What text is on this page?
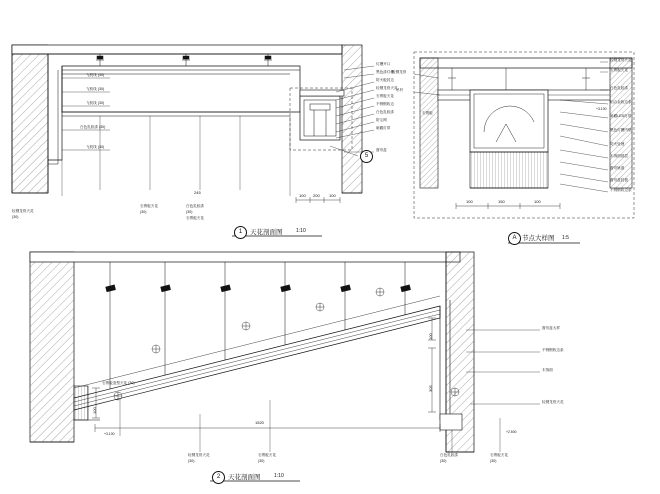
飞机线 (30)
飞机线 (30)
飞机线 (30)
白色乳胶漆 (30)
飞机线 (30)
轻钢龙骨天花
(30)
石膏板天花
(30)
白色乳胶漆
(30)
石膏板天花
灯槽开口
黑色漆灯槽
防火板封边
轻钢龙骨天花
石膏板天花
不锈钢收边
白色乳胶漆
防尘网
暗藏灯带
窗帘盒
245
100 200 100
5
1	天花剖面图	1:10
轻钢龙骨天花
石膏板天花
白色乳胶漆
铝合金收边条
暗藏LED灯带
黑色灯槽内壁
防火处理
木饰面基层
窗帘轨道
窗帘盒封板
不锈钢收边条
轻钢龙骨
吊杆
石膏板
100	150	100
+3.100
A 节点大样图 1:5
窗帘盒大样
不锈钢收边条
木饰面
轻钢龙骨天花
石膏板造型天花 (30)
轻钢龙骨天花
(30)
石膏板天花
(30)
白色乳胶漆
(30)
石膏板天花
(30)
1520
305
100
100
+3.100	+2.500
2	天花剖面图	1:10
